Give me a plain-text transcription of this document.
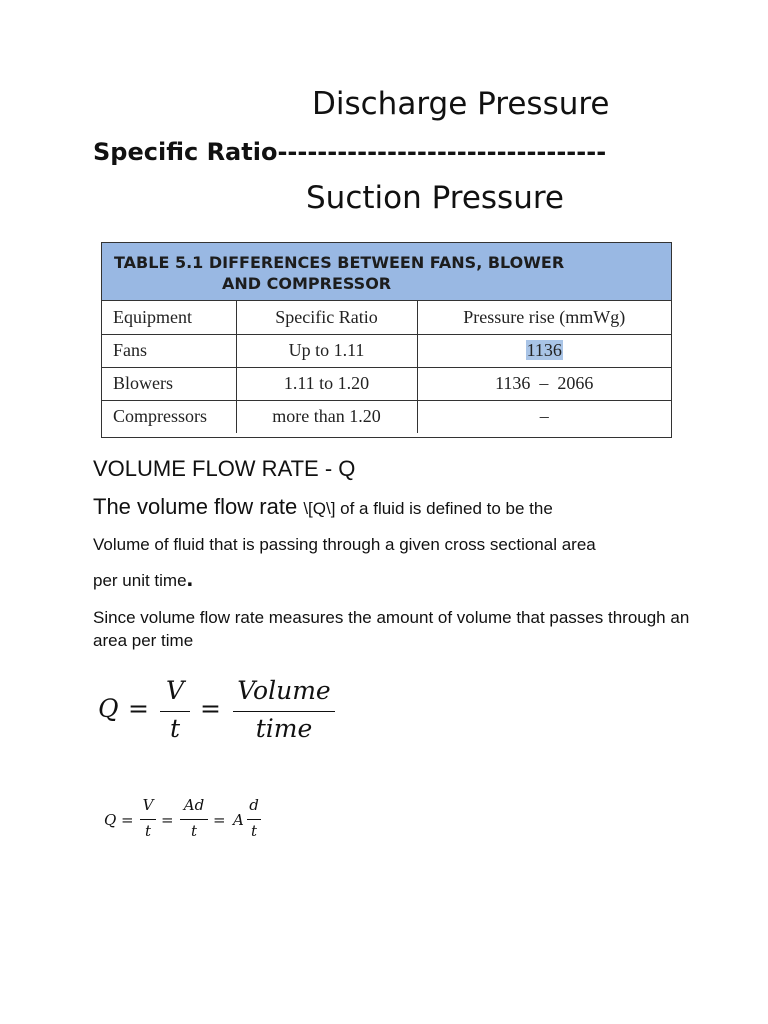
Discharge Pressure
Specific Ratio---------------------------------
Suction Pressure
TABLE 5.1 DIFFERENCES BETWEEN FANS, BLOWER
AND COMPRESSOR
Equipment	Specific Ratio	Pressure rise (mmWg)
Fans	Up to 1.11	1136
Blowers	1.11 to 1.20	1136  –  2066
Compressors	more than 1.20	–
VOLUME FLOW RATE - Q
The volume flow rate \[Q\] of a fluid is defined to be the
Volume of fluid that is passing through a given cross sectional area
per unit time.
Since volume flow rate measures the amount of volume that passes through an area per time
Q =
V
t
=
Volume
time
Q =
V
t
=
Ad
t
= A
d
t
